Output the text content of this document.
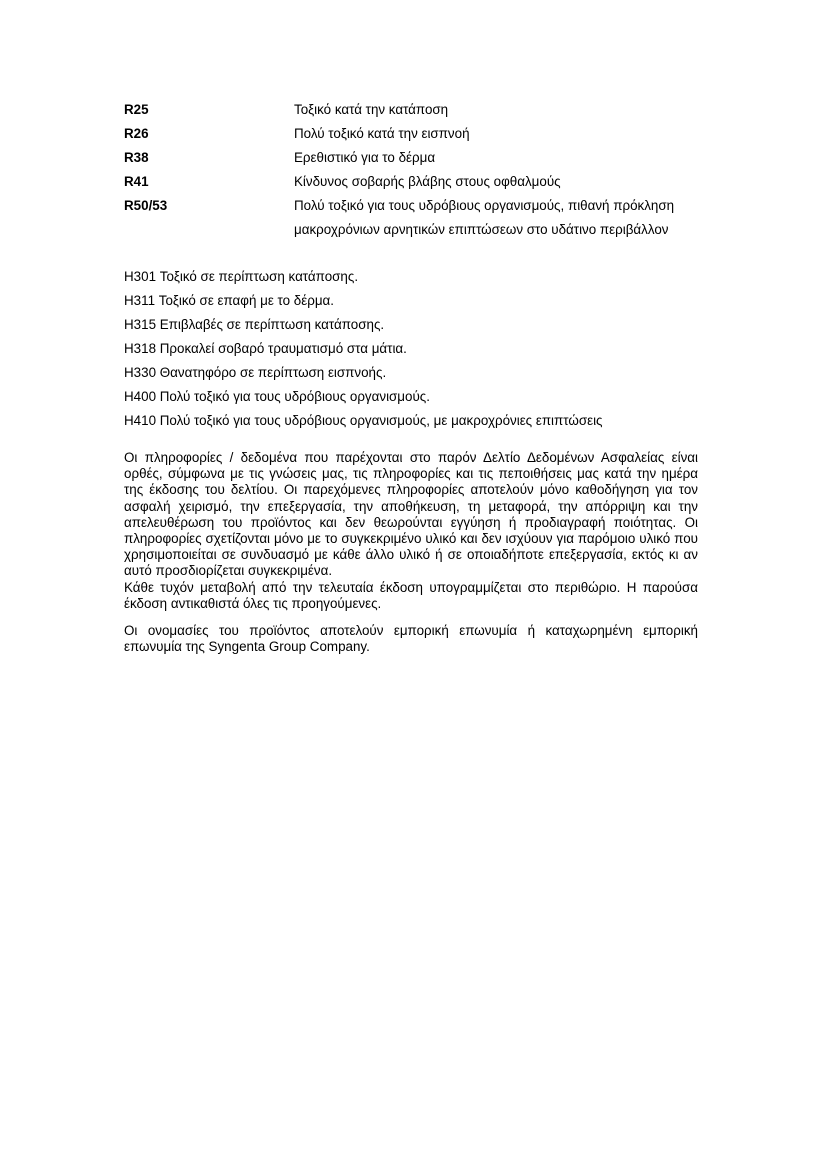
R25	Τοξικό κατά την κατάποση
R26	Πολύ τοξικό κατά την εισπνοή
R38	Ερεθιστικό για το δέρμα
R41	Κίνδυνος σοβαρής βλάβης στους οφθαλμούς
R50/53	Πολύ τοξικό για τους υδρόβιους οργανισμούς, πιθανή πρόκληση μακροχρόνιων αρνητικών επιπτώσεων στο υδάτινο περιβάλλον
H301 Τοξικό σε περίπτωση κατάποσης.
H311 Τοξικό σε επαφή με το δέρμα.
H315 Επιβλαβές σε περίπτωση κατάποσης.
H318 Προκαλεί σοβαρό τραυματισμό στα μάτια.
H330 Θανατηφόρο σε περίπτωση εισπνοής.
H400 Πολύ τοξικό για τους υδρόβιους οργανισμούς.
H410 Πολύ τοξικό για τους υδρόβιους οργανισμούς, με μακροχρόνιες επιπτώσεις

Οι πληροφορίες / δεδομένα που παρέχονται στο παρόν Δελτίο Δεδομένων Ασφαλείας είναι ορθές, σύμφωνα με τις γνώσεις μας, τις πληροφορίες και τις πεποιθήσεις μας κατά την ημέρα της έκδοσης του δελτίου. Οι παρεχόμενες πληροφορίες αποτελούν μόνο καθοδήγηση για τον ασφαλή χειρισμό, την επεξεργασία, την αποθήκευση, τη μεταφορά, την απόρριψη και την απελευθέρωση του προϊόντος και δεν θεωρούνται εγγύηση ή προδιαγραφή ποιότητας. Οι πληροφορίες σχετίζονται μόνο με το συγκεκριμένο υλικό και δεν ισχύουν για παρόμοιο υλικό που χρησιμοποιείται σε συνδυασμό με κάθε άλλο υλικό ή σε οποιαδήποτε επεξεργασία, εκτός κι αν αυτό προσδιορίζεται συγκεκριμένα.

Κάθε τυχόν μεταβολή από την τελευταία έκδοση υπογραμμίζεται στο περιθώριο. Η παρούσα έκδοση αντικαθιστά όλες τις προηγούμενες.

Οι ονομασίες του προϊόντος αποτελούν εμπορική επωνυμία ή καταχωρημένη εμπορική επωνυμία της Syngenta Group Company.
